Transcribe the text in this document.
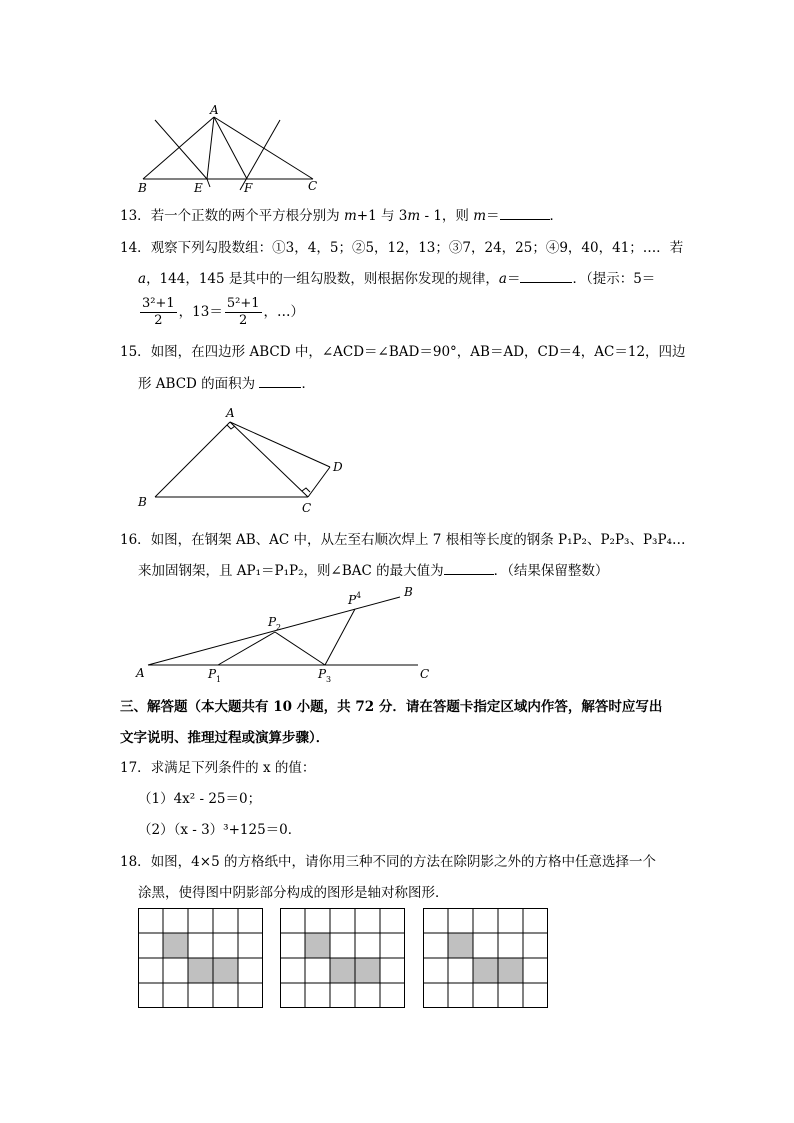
A
B	E	F	C
13．若一个正数的两个平方根分别为 m+1 与 3m - 1，则 m＝	．
14．观察下列勾股数组：①3，4，5；②5，12，13；③7，24，25；④9，40，41；…．若
a，144，145 是其中的一组勾股数，则根据你发现的规律，a＝	．（提示：5＝
$\frac{\text{3²+1}}{2}$ ，$13= \frac{\text{5²+1}}{2}$ ，…）
15．如图，在四边形 ABCD 中，∠ACD＝∠BAD＝90°，AB＝AD，CD＝4，AC＝12，四边
形 ABCD 的面积为	．
A
B	C
D
16．如图，在钢架 AB、AC 中，从左至右顺次焊上 7 根相等长度的钢条 P₁P₂、P₂P₃、P₃P₄…
来加固钢架，且 AP₁＝P₁P₂，则∠BAC 的最大值为	．（结果保留整数）
A
B
C
P 1
P 2
P 3
P 4
三、解答题（本大题共有 10 小题，共 72 分．请在答题卡指定区域内作答，解答时应写出
文字说明、推理过程或演算步骤）．
17．求满足下列条件的 x 的值：
（1）4x² - 25＝0；
（2）（x - 3）³+125＝0．
18．如图，4×5 的方格纸中，请你用三种不同的方法在除阴影之外的方格中任意选择一个
涂黑，使得图中阴影部分构成的图形是轴对称图形．
